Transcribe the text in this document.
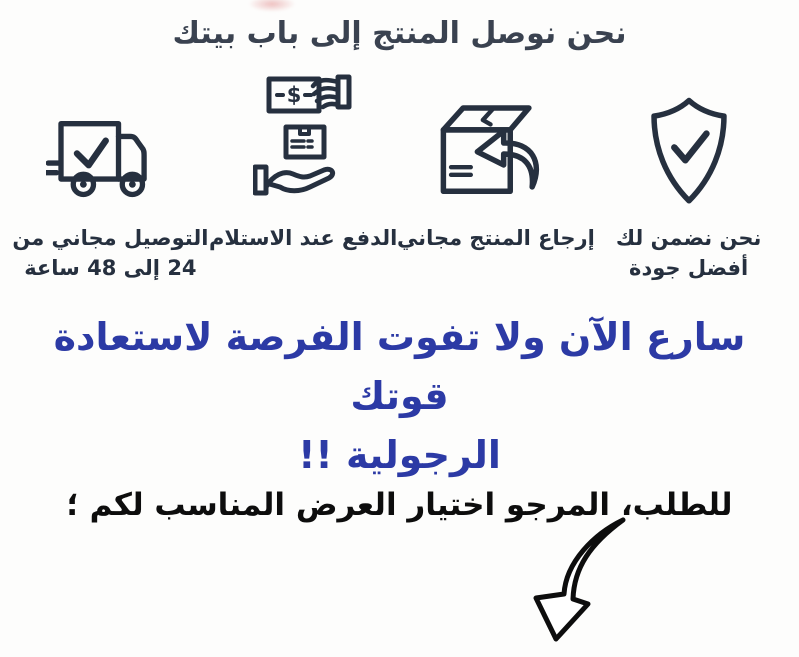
نحن نوصل المنتج إلى باب بيتك
نحن نضمن لك
أفضل جودة
إرجاع المنتج مجاني
$
الدفع عند الاستلام
التوصيل مجاني من
24 إلى 48 ساعة
سارع الآن ولا تفوت الفرصة لاستعادة قوتك
الرجولية !!
للطلب، المرجو اختيار العرض المناسب لكم ؛
